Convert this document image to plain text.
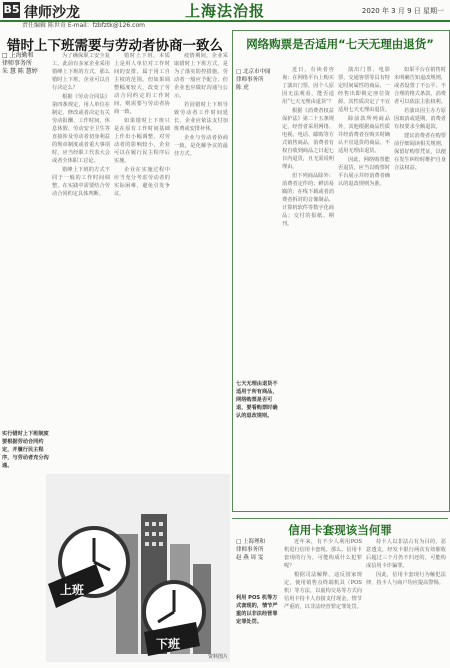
B5 律师沙龙	上海法治报	2020 年 3 月 9 日 星期一
责任编辑 陈世奇 E-mail：fzbfztk@126.com
错时上下班需要与劳动者协商一致么
□ 上海勤和
律师事务所
朱 慧 陈 慧婷

为了确保职工安全复工，此前有多家企业采用错峰上下班的方式。那么错时上下班，企业可以自行决定么？

根据《劳动合同法》第四条规定，用人单位在制定、修改或者决定有关劳动报酬、工作时间、休息休假、劳动安全卫生等直接涉及劳动者切身利益的规章制度或者重大事项时，应当经职工代表大会或者全体职工讨论。

错峰上下班的方式不同于一般的工作时间调整，在实践中需要结合劳动合同约定具体判断。

错时上下班，本质上是用人单位对工作时间的安排，属于用工自主权的范围。但如果调整幅度较大，改变了劳动合同约定的工作时间，则需要与劳动者协商一致。

如果错时上下班只是在原有工作时间基础上作出小幅调整，对劳动者的影响较小，企业可以在履行民主程序后实施。

企业在实施过程中应当充分考虑劳动者的实际困难，避免引发争议。

疫情期间，企业采取错时上下班方式，是为了落实防控措施。劳动者一般应予配合，但企业也应做好沟通与公示。

若因错时上下班导致劳动者工作时间延长，企业应依法支付加班费或安排补休。

企业与劳动者协商一致，是化解争议的最佳方式。

实行错时上下班制度要根据劳动合同约定，并履行民主程序，与劳动者充分沟通。
上班
下班
资料图片
网络购票是否适用“七天无理由退货”
□ 北京市中闻
律师事务所
陈 虎

近日，有读者咨询：在网络平台上购买了演出门票，因个人原因无法观看，能否适用“七天无理由退货”？

根据《消费者权益保护法》第二十五条规定，经营者采用网络、电视、电话、邮购等方式销售商品，消费者有权自收到商品之日起七日内退货，且无需说明理由。

但下列商品除外：消费者定作的；鲜活易腐的；在线下载或者消费者拆封的音像制品、计算机软件等数字化商品；交付的报纸、期刊。

演出门票、电影票、交通客票等具有特定时间属性的商品，一经售出即锁定座位资源，其性质决定了不宜适用七天无理由退货。

除前款所列商品外，其他根据商品性质并经消费者在购买时确认不宜退货的商品，不适用无理由退货。

因此，网络购票能否退货，应当以购票时平台展示并经消费者确认的退改规则为准。

如果平台在销售时未明确告知退改规则，或者设置了不公平、不合理的格式条款，消费者可以依法主张权利。

若演出因主办方原因取消或延期，消费者有权要求全额退款。

建议消费者在购票前仔细阅读相关规则，保留好购票凭证，以便在发生纠纷时维护自身合法权益。

七天无理由退货不适用于所有商品，网络购票是否可退，要看购票时确认的退改规则。
信用卡套现该当何罪
□ 上海理和
律师事务所
赵 燕 周 雯

近年来，有不少人利用POS机进行信用卡套现。那么，信用卡套现的行为，可能构成什么犯罪呢？

根据司法解释，违反国家规定，使用销售点终端机具（POS机）等方法，以虚构交易等方式向信用卡持卡人直接支付现金，情节严重的，以非法经营罪定罪处罚。

持卡人以非法占有为目的，恶意透支，经发卡银行两次有效催收后超过三个月仍不归还的，可能构成信用卡诈骗罪。

因此，信用卡套现行为触犯法律，持卡人与商户均应提高警惕。

利用 POS 机等方式套现的，情节严重的以非法经营罪定罪处罚。
